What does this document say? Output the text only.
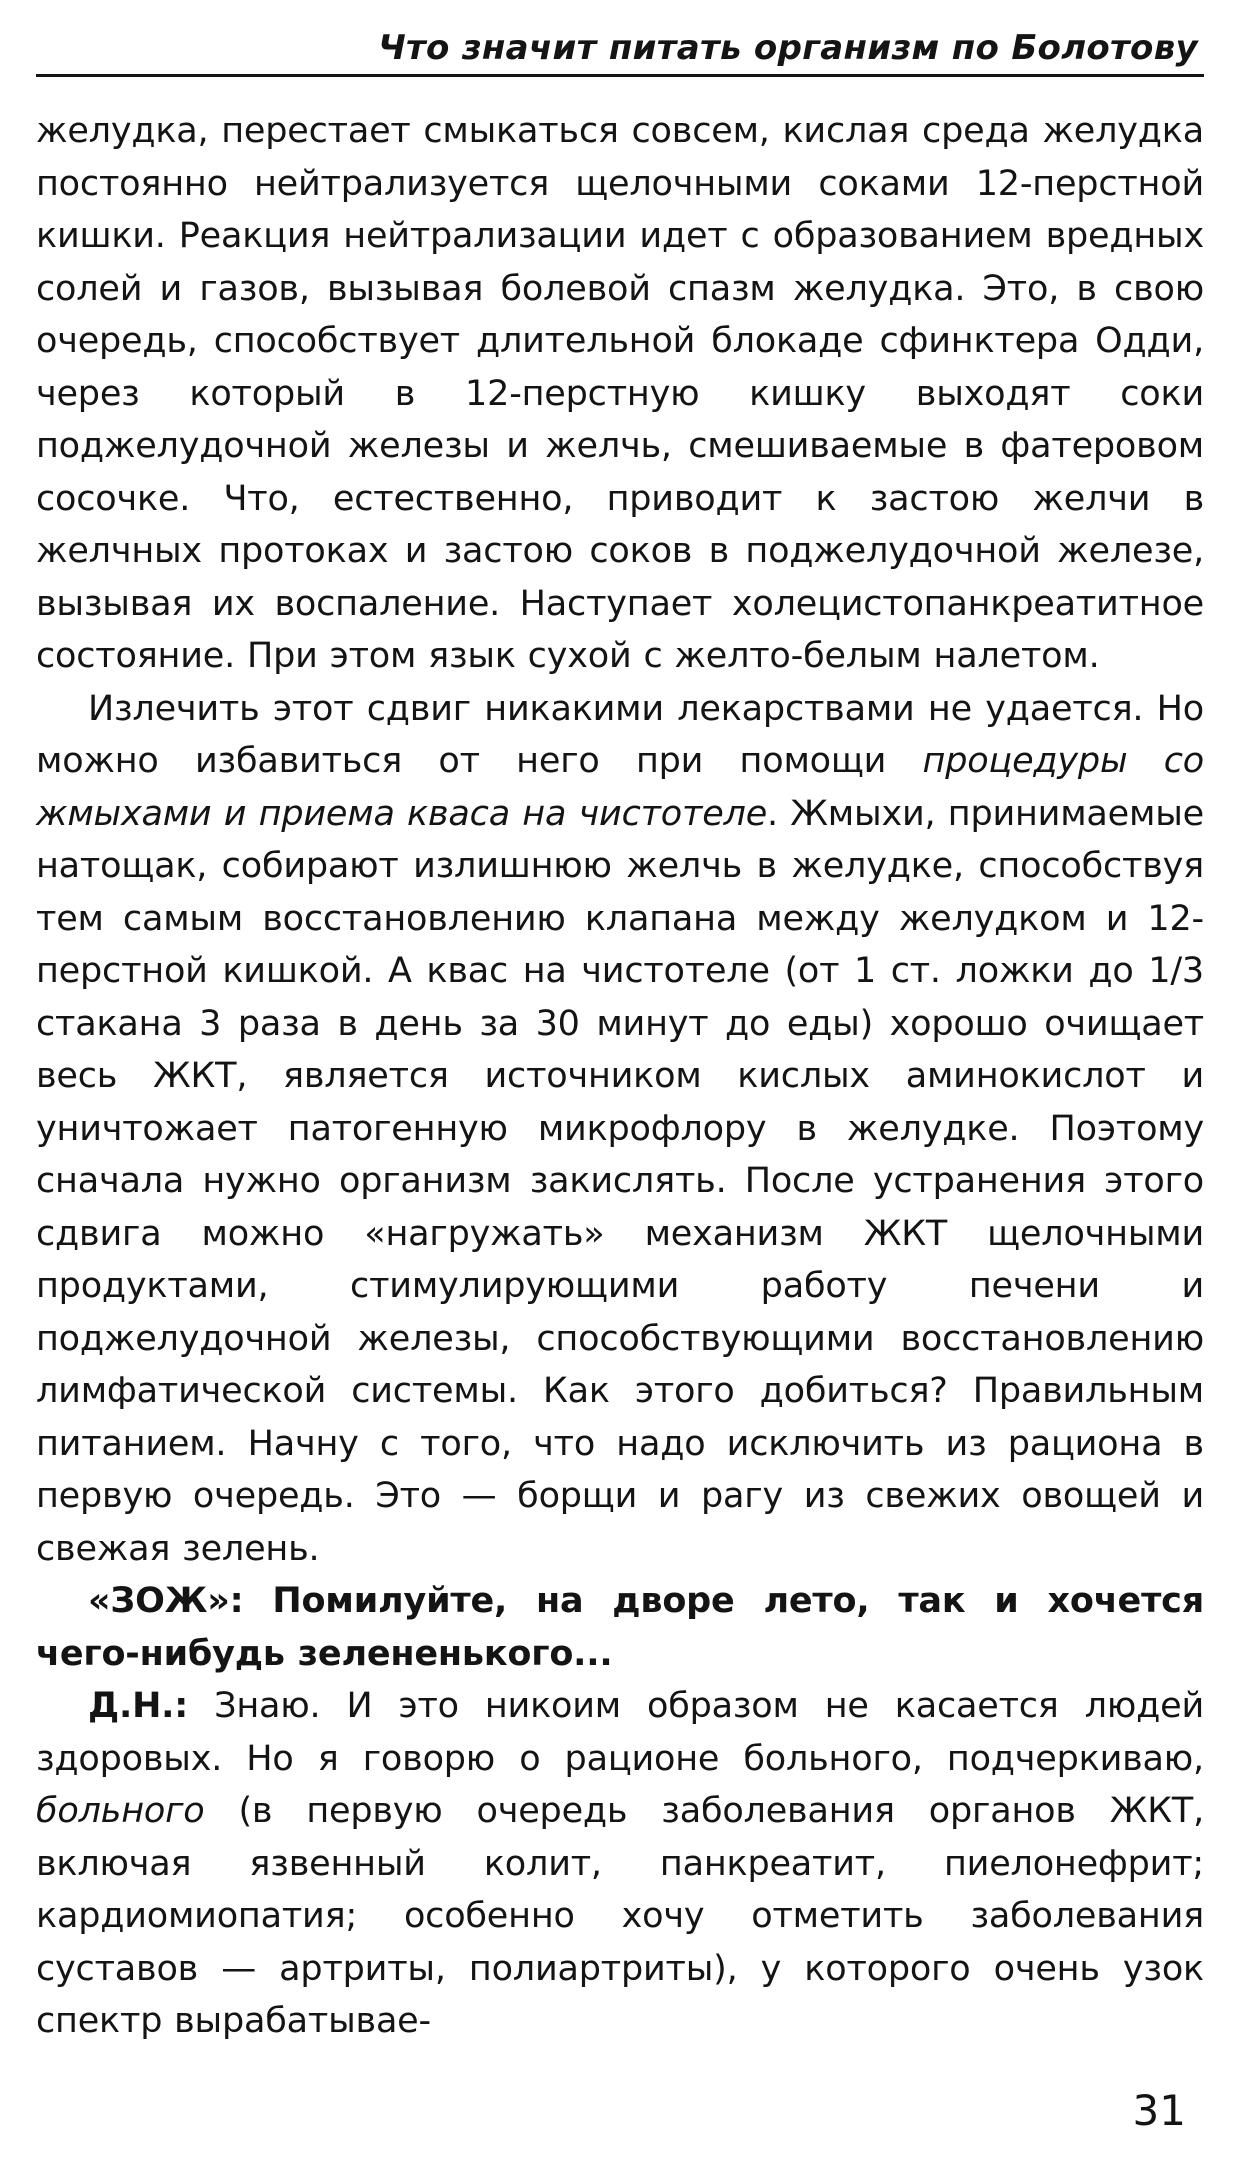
Что значит питать организм по Болотову

желудка, перестает смыкаться совсем, кислая среда желудка постоянно нейтрализуется щелочными соками 12-перстной кишки. Реакция нейтрализации идет с образованием вредных солей и газов, вызывая болевой спазм желудка. Это, в свою очередь, способствует длительной блокаде сфинктера Одди, через который в 12-перстную кишку выходят соки поджелудочной железы и желчь, смешиваемые в фатеровом сосочке. Что, естественно, приводит к застою желчи в желчных протоках и застою соков в поджелудочной железе, вызывая их воспаление. Наступает холецистопанкреатитное состояние. При этом язык сухой с желто-белым налетом.

Излечить этот сдвиг никакими лекарствами не удается. Но можно избавиться от него при помощи процедуры со жмыхами и приема кваса на чистотеле. Жмыхи, принимаемые натощак, собирают излишнюю желчь в желудке, способствуя тем самым восстановлению клапана между желудком и 12-перстной кишкой. А квас на чистотеле (от 1 ст. ложки до 1/3 стакана 3 раза в день за 30 минут до еды) хорошо очищает весь ЖКТ, является источником кислых аминокислот и уничтожает патогенную микрофлору в желудке. Поэтому сначала нужно организм закислять. После устранения этого сдвига можно «нагружать» механизм ЖКТ щелочными продуктами, стимулирующими работу печени и поджелудочной железы, способствующими восстановлению лимфатической системы. Как этого добиться? Правильным питанием. Начну с того, что надо исключить из рациона в первую очередь. Это — борщи и рагу из свежих овощей и свежая зелень.

«ЗОЖ»: Помилуйте, на дворе лето, так и хочется чего-нибудь зелененького...

Д.Н.: Знаю. И это никоим образом не касается людей здоровых. Но я говорю о рационе больного, подчеркиваю, больного (в первую очередь заболевания органов ЖКТ, включая язвенный колит, панкреатит, пиелонефрит; кардиомиопатия; особенно хочу отметить заболевания суставов — артриты, полиартриты), у которого очень узок спектр вырабатывае-

31
